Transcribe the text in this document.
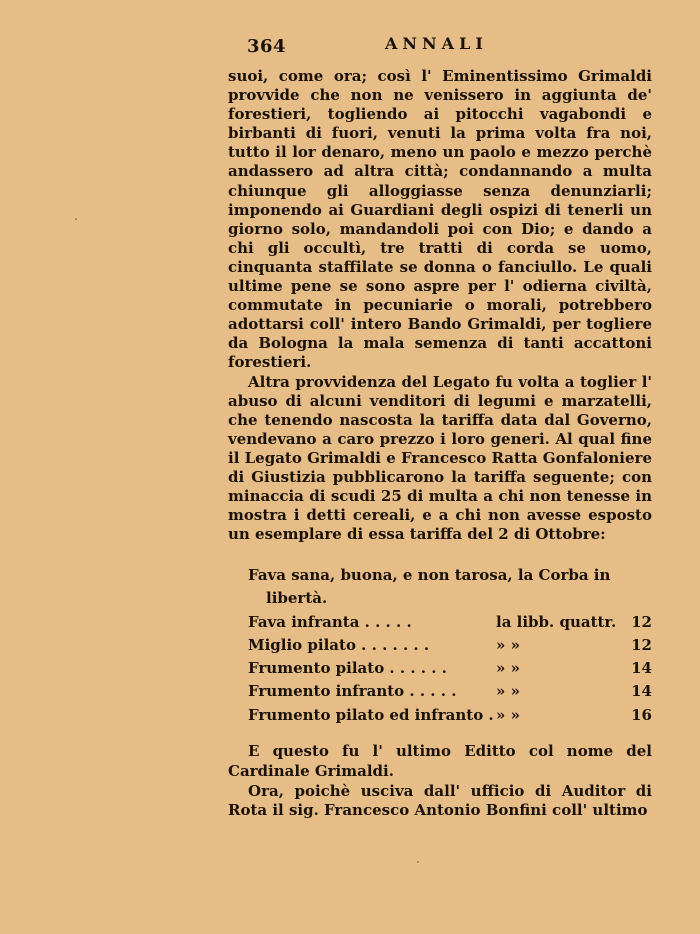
364	ANNALI

suoi, come ora; così l' Eminentissimo Grimaldi provvide che non ne venissero in aggiunta de' forestieri, togliendo ai pitocchi vagabondi e birbanti di fuori, venuti la prima volta fra noi, tutto il lor denaro, meno un paolo e mezzo perchè andassero ad altra città; condannando a multa chiunque gli alloggiasse senza denunziarli; imponendo ai Guardiani degli ospizi di tenerli un giorno solo, mandandoli poi con Dio; e dando a chi gli occultì, tre tratti di corda se uomo, cinquanta staffilate se donna o fanciullo. Le quali ultime pene se sono aspre per l' odierna civiltà, commutate in pecuniarie o morali, potrebbero adottarsi coll' intero Bando Grimaldi, per togliere da Bologna la mala semenza di tanti accattoni forestieri.

Altra provvidenza del Legato fu volta a toglier l' abuso di alcuni venditori di legumi e marzatelli, che tenendo nascosta la tariffa data dal Governo, vendevano a caro prezzo i loro generi. Al qual fine il Legato Grimaldi e Francesco Ratta Gonfaloniere di Giustizia pubblicarono la tariffa seguente; con minaccia di scudi 25 di multa a chi non tenesse in mostra i detti cereali, e a chi non avesse esposto un esemplare di essa tariffa del 2 di Ottobre:

Fava sana, buona, e non tarosa, la Corba in libertà.

Fava infranta . . . . .	la libb. quattr. 12
Miglio pilato . . . . . . .	» »	12
Frumento pilato . . . . . .	» »	14
Frumento infranto . . . . .	» »	14
Frumento pilato ed infranto . » »	16

E questo fu l' ultimo Editto col nome del Cardinale Grimaldi.

Ora, poichè usciva dall' ufficio di Auditor di Rota il sig. Francesco Antonio Bonfini coll' ultimo
